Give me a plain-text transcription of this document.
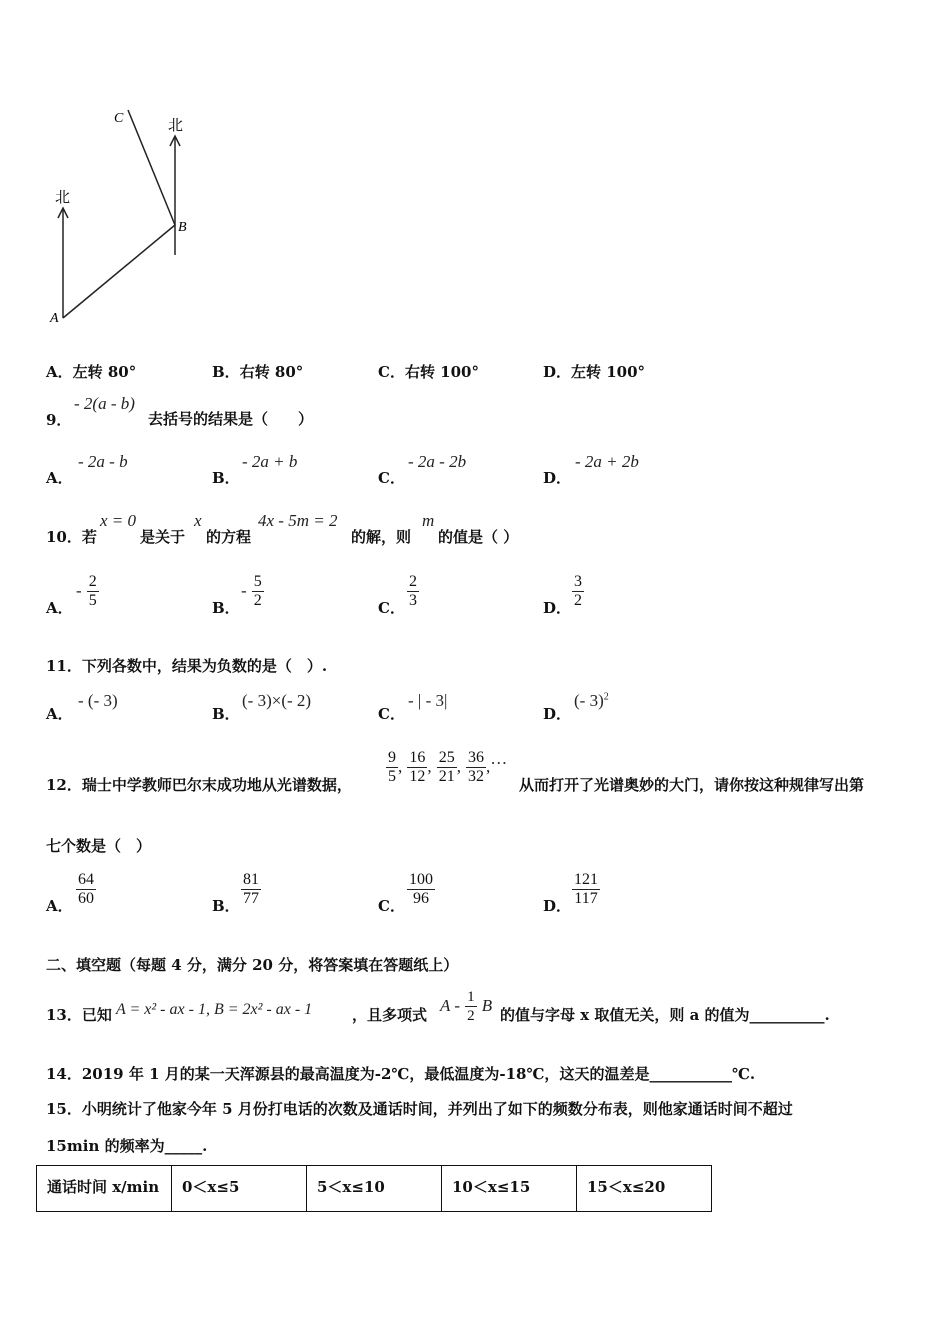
北
北
A
B
C
A．左转 80°	B．右转 80°	C．右转 100°	D．左转 100°
9．
- 2(a - b)
去括号的结果是（　　）
A．
- 2a - b
B．
- 2a + b
C．
- 2a - 2b
D．
- 2a + 2b
10．若
x = 0
是关于
x
的方程
4x - 5m = 2
的解，则
m
的值是（ ）
A．
- $\frac{2}{5}$	B．
- $\frac{5}{2}$	C． $\frac{2}{3}$	D． $\frac{3}{2}$
11．下列各数中，结果为负数的是（　）.
A．
- (- 3)
B．
(- 3)×(- 2)
C．
- | - 3|
D．
(- 3)$^2$
12．瑞士中学教师巴尔末成功地从光谱数据， $\frac{9}{5}$ , $\frac{16}{12}$ , $\frac{25}{21}$ , $\frac{36}{32}$ ,…
从而打开了光谱奥妙的大门，请你按这种规律写出第
七个数是（　）
A． $\frac{64}{60}$	B． $\frac{81}{77}$	C． $\frac{100}{96}$	D． $\frac{121}{117}$
二、填空题（每题 4 分，满分 20 分，将答案填在答题纸上）
13．已知 A = x² - ax - 1, B = 2x² - ax - 1	，且多项式 A - $\frac{1}{2}$ B 的值与字母 x 取值无关，则 a 的值为__________.
14．2019 年 1 月的某一天浑源县的最高温度为-2℃，最低温度为-18℃，这天的温差是___________℃.
15．小明统计了他家今年 5 月份打电话的次数及通话时间，并列出了如下的频数分布表，则他家通话时间不超过
15min 的频率为_____.
通话时间 x/min	0＜x≤5	5＜x≤10	10＜x≤15	15＜x≤20
